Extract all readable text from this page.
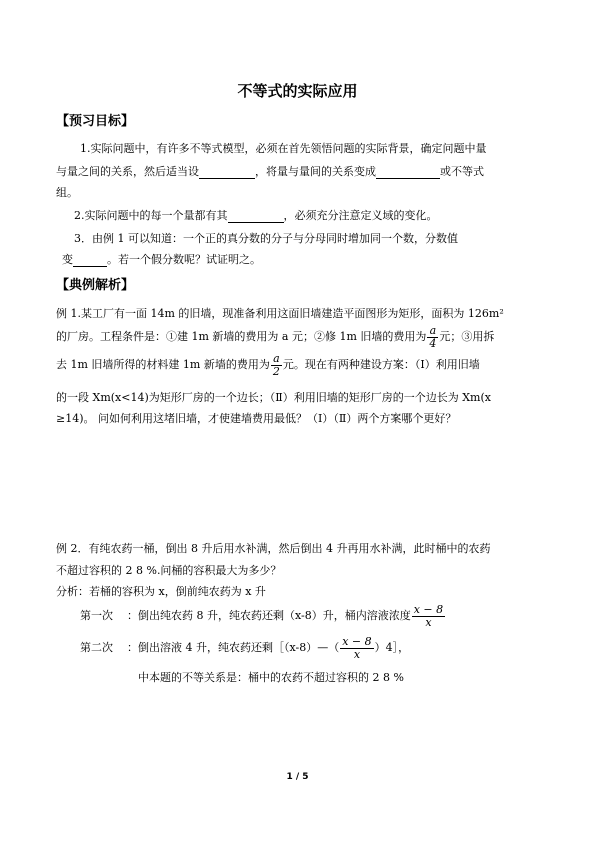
不等式的实际应用
【预习目标】
1.实际问题中，有许多不等式模型，必须在首先领悟问题的实际背景，确定问题中量
与量之间的关系，然后适当设	，将量与量间的关系变成	或不等式
组。
2.实际问题中的每一个量都有其	，必须充分注意定义域的变化。
3．由例 1 可以知道：一个正的真分数的分子与分母同时增加同一个数，分数值
变	。若一个假分数呢？试证明之。
【典例解析】
例 1.某工厂有一面 14m 的旧墙，现准备利用这面旧墙建造平面图形为矩形，面积为 126m²
的厂房。工程条件是：①建 1m 新墙的费用为 a 元；②修 1m 旧墙的费用为 $\frac{a}{4}$ 元；③用拆
去 1m 旧墙所得的材料建 1m 新墙的费用为 $\frac{a}{2}$ 元。现在有两种建设方案：（Ⅰ）利用旧墙
的一段 Xm(x<14)为矩形厂房的一个边长；（Ⅱ）利用旧墙的矩形厂房的一个边长为 Xm(x
≥14)。 问如何利用这堵旧墙，才使建墙费用最低？（Ⅰ）（Ⅱ）两个方案哪个更好？
例 2．有纯农药一桶，倒出 8 升后用水补满，然后倒出 4 升再用水补满，此时桶中的农药
不超过容积的 2 8 %.问桶的容积最大为多少？
分析：若桶的容积为 x，倒前纯农药为 x 升
第一次 ：倒出纯农药 8 升，纯农药还剩（x-8）升，桶内溶液浓度 $\frac{x - 8}{x}$
第二次 ：倒出溶液 4 升，纯农药还剩［（x-8）—（ $\frac{x - 8}{x}$ ）4］，
中本题的不等关系是：桶中的农药不超过容积的 2 8 %
1 / 5
